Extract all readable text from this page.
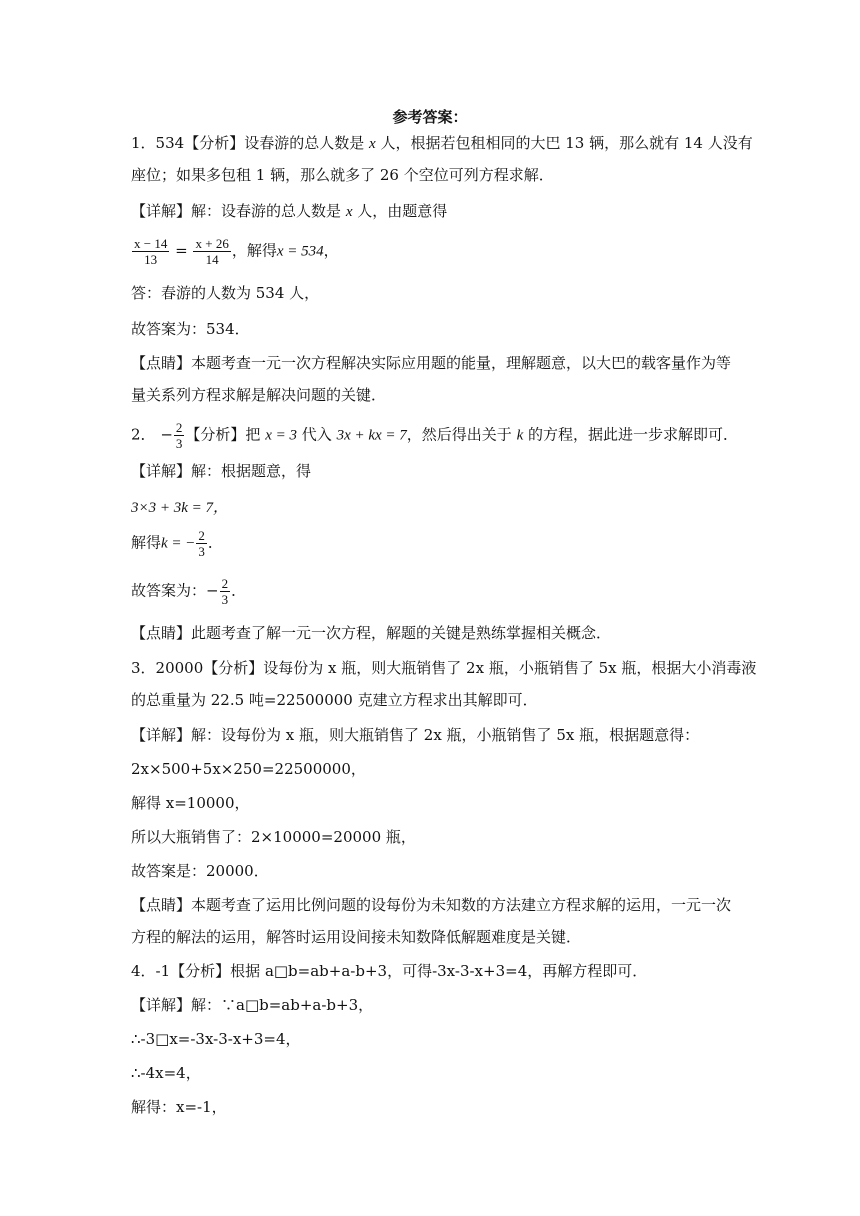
参考答案：
1．534【分析】设春游的总人数是 x 人，根据若包租相同的大巴 13 辆，那么就有 14 人没有
座位；如果多包租 1 辆，那么就多了 26 个空位可列方程求解．
【详解】解：设春游的总人数是 x 人，由题意得
$\frac{x - 14}{13} = \frac{x + 26}{14}$ ，解得x = 534，
答：春游的人数为 534 人，
故答案为：534．
【点睛】本题考查一元一次方程解决实际应用题的能量，理解题意，以大巴的载客量作为等
量关系列方程求解是解决问题的关键．
2． − $\frac{2}{3}$ 【分析】把 x = 3 代入 3x + kx = 7，然后得出关于 k 的方程，据此进一步求解即可．
【详解】解：根据题意，得
3×3 + 3k = 7，
解得k = − $\frac{2}{3}$ ．
故答案为：− $\frac{2}{3}$ ．
【点睛】此题考查了解一元一次方程，解题的关键是熟练掌握相关概念．
3．20000【分析】设每份为 x 瓶，则大瓶销售了 2x 瓶，小瓶销售了 5x 瓶，根据大小消毒液
的总重量为 22.5 吨=22500000 克建立方程求出其解即可．
【详解】解：设每份为 x 瓶，则大瓶销售了 2x 瓶，小瓶销售了 5x 瓶，根据题意得：
2x×500+5x×250=22500000，
解得 x=10000，
所以大瓶销售了：2×10000=20000 瓶，
故答案是：20000．
【点睛】本题考查了运用比例问题的设每份为未知数的方法建立方程求解的运用，一元一次
方程的解法的运用，解答时运用设间接未知数降低解题难度是关键．
4．-1【分析】根据 a□b=ab+a-b+3，可得-3x-3-x+3=4，再解方程即可．
【详解】解：∵a□b=ab+a-b+3，
∴-3□x=-3x-3-x+3=4，
∴-4x=4，
解得：x=-1，
